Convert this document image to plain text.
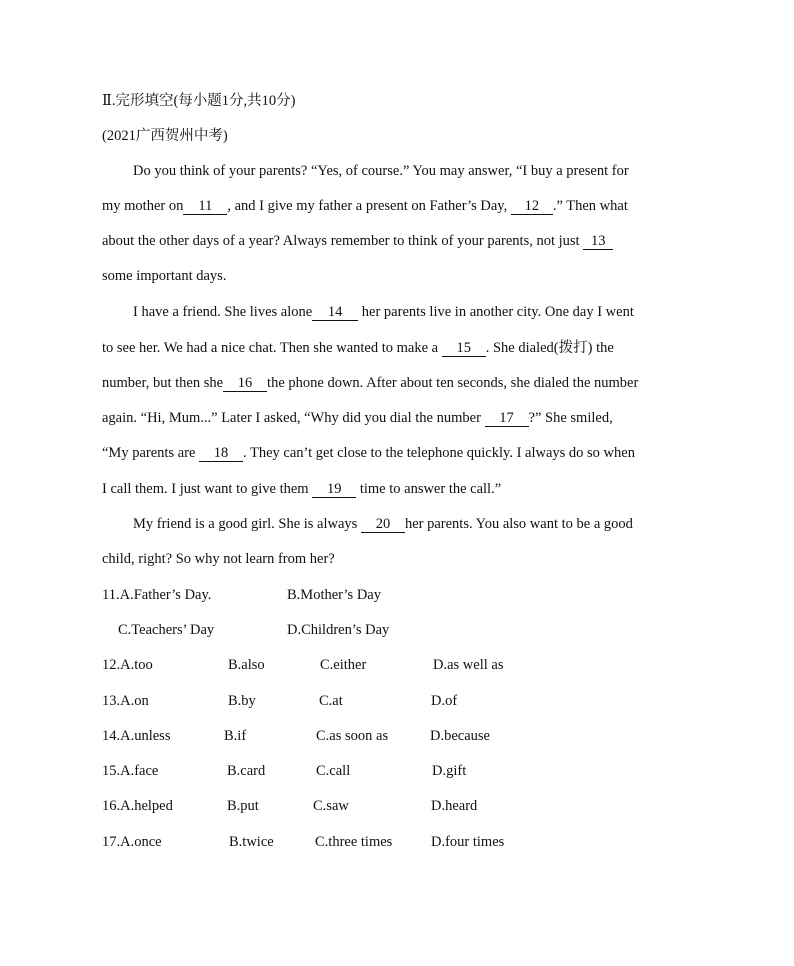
Ⅱ.完形填空(每小题1分,共10分)
(2021广西贺州中考)
Do you think of your parents? “Yes, of course.” You may answer, “I buy a present for
my mother on 11 , and I give my father a present on Father’s Day, 12 .” Then what
about the other days of a year? Always remember to think of your parents, not just 13
some important days.
I have a friend. She lives alone 14 her parents live in another city. One day I went
to see her. We had a nice chat. Then she wanted to make a 15 . She dialed(拨打) the
number, but then she 16 the phone down. After about ten seconds, she dialed the number
again. “Hi, Mum...” Later I asked, “Why did you dial the number 17 ?” She smiled,
“My parents are 18 . They can’t get close to the telephone quickly. I always do so when
I call them. I just want to give them 19 time to answer the call.”
My friend is a good girl. She is always 20 her parents. You also want to be a good
child, right? So why not learn from her?
11.A.Father’s Day.	B.Mother’s Day
C.Teachers’ Day	D.Children’s Day
12.A.too	B.also	C.either	D.as well as
13.A.on	B.by	C.at	D.of
14.A.unless	B.if	C.as soon as	D.because
15.A.face	B.card	C.call	D.gift
16.A.helped	B.put	C.saw	D.heard
17.A.once	B.twice	C.three times	D.four times
